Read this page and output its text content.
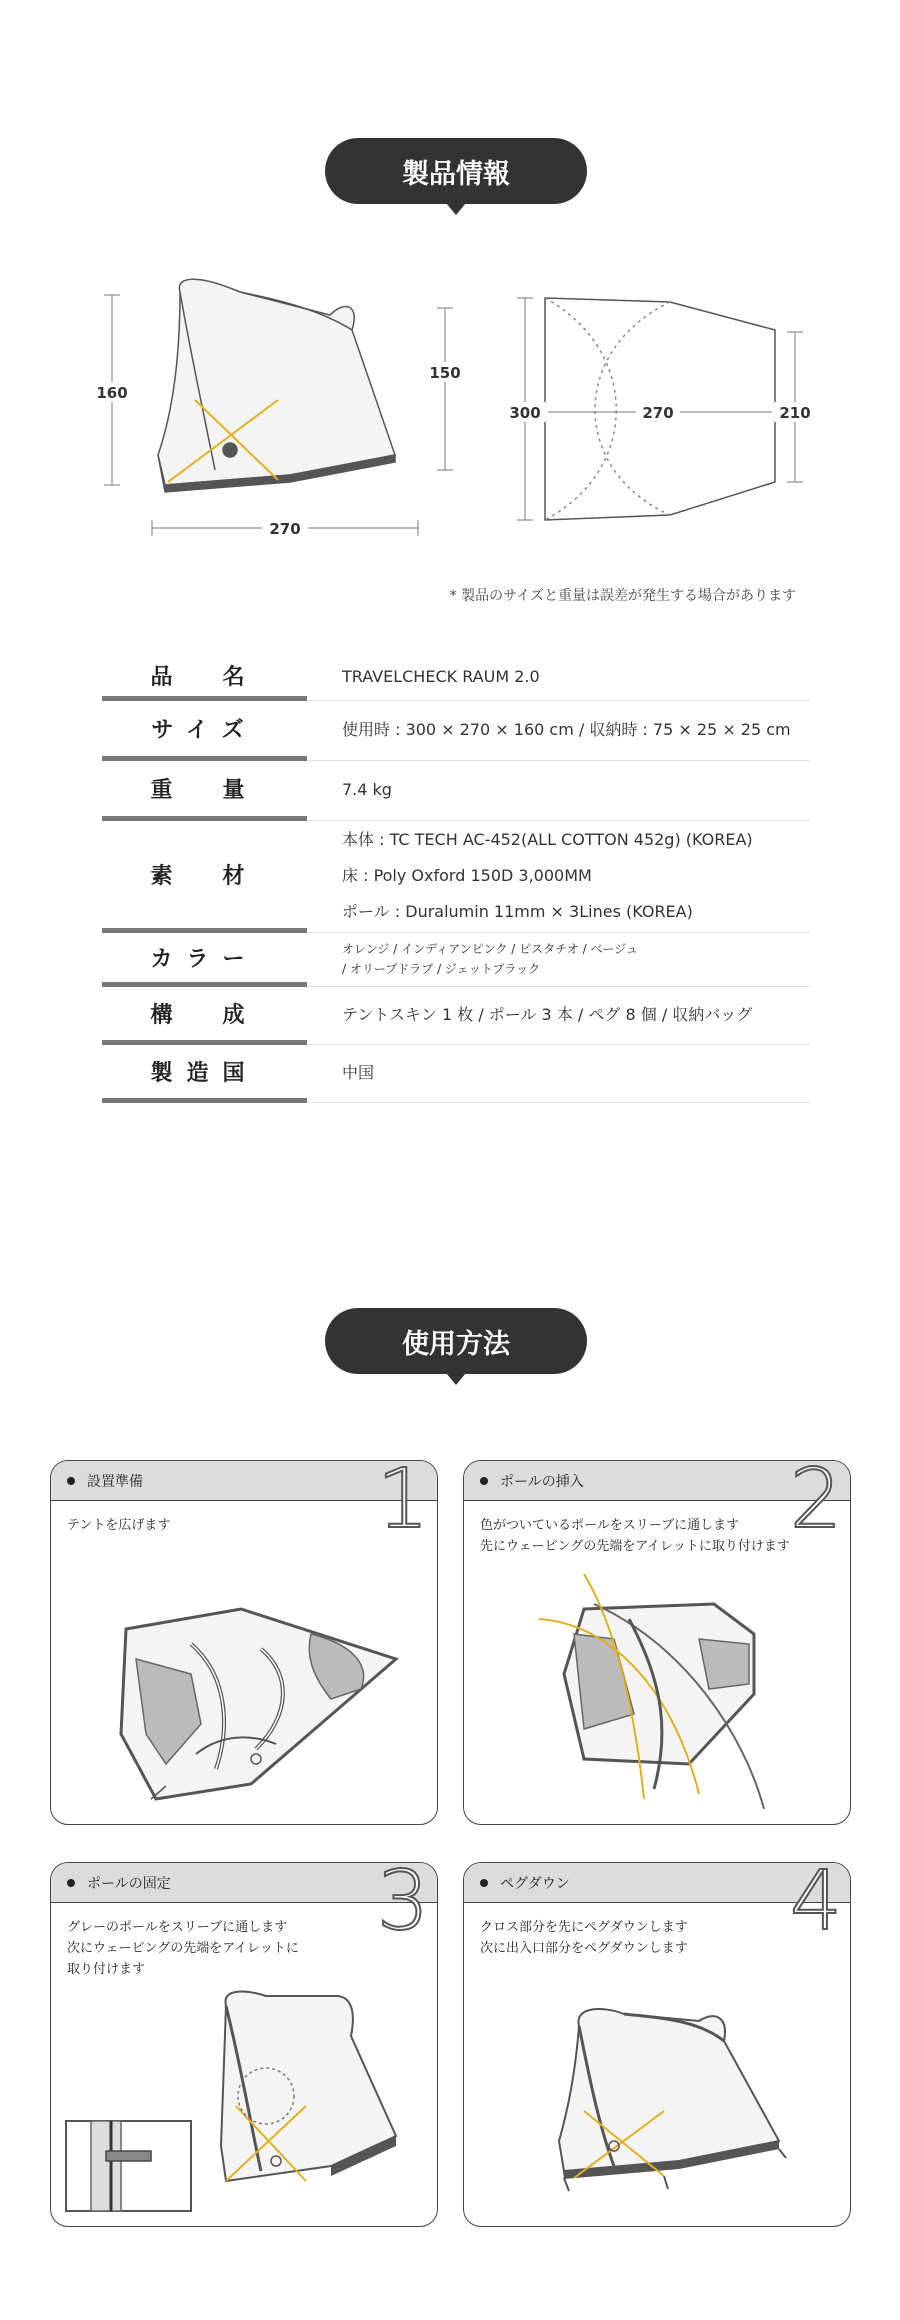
製品情報
160
150
270
300	270	210
* 製品のサイズと重量は誤差が発生する場合があります
品　名	TRAVELCHECK RAUM 2.0
サイズ	使用時 : 300 × 270 × 160 cm / 収納時 : 75 × 25 × 25 cm
重　量	7.4 kg
素　材
本体 : TC TECH AC-452(ALL COTTON 452g) (KOREA)
床 : Poly Oxford 150D 3,000MM
ポール : Duralumin 11mm × 3Lines (KOREA)
カラー	オレンジ / インディアンピンク / ピスタチオ / ベージュ
/ オリーブドラブ / ジェットブラック
構　成	テントスキン 1 枚 / ポール 3 本 / ペグ 8 個 / 収納バッグ
製造国	中国
使用方法
設置準備	1
テントを広げます
ポールの挿入	2
色がついているポールをスリーブに通します
先にウェービングの先端をアイレットに取り付けます
ポールの固定	3
グレーのポールをスリーブに通します
次にウェービングの先端をアイレットに
取り付けます
ペグダウン	4
クロス部分を先にペグダウンします
次に出入口部分をペグダウンします
